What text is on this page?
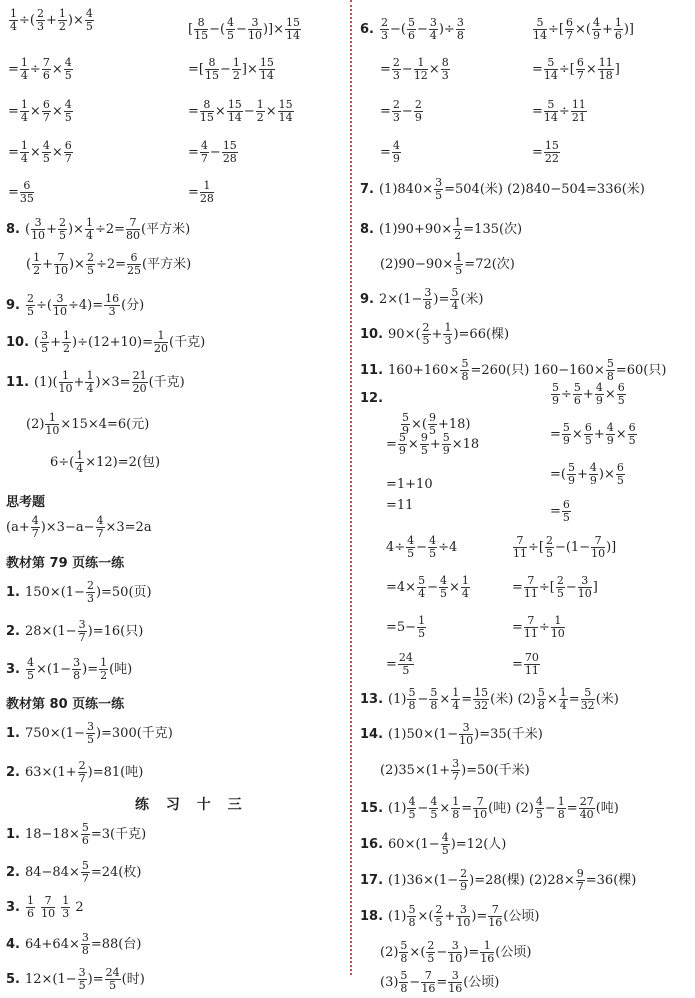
$\frac{1}{4}$ ÷( $\frac{2}{3} + \frac{1}{2}$ )× $\frac{4}{5}$
= $\frac{1}{4} \div \frac{7}{6} \times \frac{4}{5}$
= $\frac{1}{4} \times \frac{6}{7} \times \frac{4}{5}$
= $\frac{1}{4} \times \frac{4}{5} \times \frac{6}{7}$
= $\frac{6}{35}$
8. ( $\frac{3}{10} + \frac{2}{5}$ )× $\frac{1}{4} \div 2= \frac{7}{80}$ (平方米)
( $\frac{1}{2} + \frac{7}{10}$ )× $\frac{2}{5} \div 2= \frac{6}{25}$ (平方米)
9. $\frac{2}{5}$ ÷( $\frac{3}{10} \div 4)= \frac{16}{3}$ (分)
10. ( $\frac{3}{5} + \frac{1}{2} )\div(12+10)= \frac{1}{20}$ (千克)
11. $(1)( \frac{1}{10} + \frac{1}{4} )\times 3= \frac{21}{20}$ (千克)
$(2) \frac{1}{10} \times 15\times 4=6$(元)
$6\div( \frac{1}{4} \times 12)=2$(包)
思考题
$(a+ \frac{4}{7} )\times 3-a- \frac{4}{7} \times 3=2a$
教材第 79 页练一练
1. $150\times(1- \frac{2}{3} )=50$(页)
2. $28\times(1- \frac{3}{7} )=16$(只)
3. $\frac{4}{5} \times(1- \frac{3}{8}$ )= $\frac{1}{2}$ (吨)
教材第 80 页练一练
1. $750\times(1- \frac{3}{5} )=300$(千克)
2. $63\times(1+ \frac{2}{7} )=81$(吨)
练 习 十 三
1. $18-18\times \frac{5}{6} =3$(千克)
2. $84-84\times \frac{5}{7} =24$(枚)
3. $\frac{1}{6}$
$\frac{7}{10}$
$\frac{1}{3} 2$
4. $64+64\times \frac{3}{8} =88$(台)
5. $12\times(1- \frac{3}{5}$ )= $\frac{24}{5}$ (时)
[ $\frac{8}{15}$ −( $\frac{4}{5} - \frac{3}{10}$ )]× $\frac{15}{14}$
=[ $\frac{8}{15} - \frac{1}{2}$ ]× $\frac{15}{14}$
= $\frac{8}{15} \times \frac{15}{14} - \frac{1}{2} \times \frac{15}{14}$
= $\frac{4}{7} - \frac{15}{28}$
= $\frac{1}{28}$
6. $\frac{2}{3}$ −( $\frac{5}{6} - \frac{3}{4}$ )÷ $\frac{3}{8}$
= $\frac{2}{3} - \frac{1}{12} \times \frac{8}{3}$
= $\frac{2}{3} - \frac{2}{9}$
= $\frac{4}{9}$
7. $(1)840\times \frac{3}{5} =504$(米) (2)840−504=336(米)
8. $(1)90+90\times \frac{1}{2} =135$(次)
$(2)90-90\times \frac{1}{5} =72$(次)
9. $2\times(1- \frac{3}{8}$ )= $\frac{5}{4}$ (米)
10. $90\times( \frac{2}{5} + \frac{1}{3} )=66$(棵)
11. $160+160\times \frac{5}{8} =260$(只) $160-160\times \frac{5}{8} =60$(只)
12.
$\frac{5}{9}$ ×( $\frac{9}{5} +18$)
= $\frac{5}{9} \times \frac{9}{5} + \frac{5}{9} \times 18$
=1+10
=11
$4\div \frac{4}{5} - \frac{4}{5} \div 4$
$=4\times \frac{5}{4} - \frac{4}{5} \times \frac{1}{4}$
$=5- \frac{1}{5}$
= $\frac{24}{5}$
13. $(1) \frac{5}{8} - \frac{5}{8} \times \frac{1}{4} = \frac{15}{32}$ (米) $(2) \frac{5}{8} \times \frac{1}{4} = \frac{5}{32}$ (米)
14. $(1)50\times(1- \frac{3}{10} )=35$(千米)
$(2)35\times(1+ \frac{3}{7} )=50$(千米)
15. $(1) \frac{4}{5} - \frac{4}{5} \times \frac{1}{8} = \frac{7}{10}$ (吨) $(2) \frac{4}{5} - \frac{1}{8} = \frac{27}{40}$ (吨)
16. $60\times(1- \frac{4}{5} )=12$(人)
17. $(1)36\times(1- \frac{2}{9} )=28$(棵) $(2)28\times \frac{9}{7} =36$(棵)
18. $(1) \frac{5}{8}$ ×( $\frac{2}{5} + \frac{3}{10}$ )= $\frac{7}{16}$ (公顷)
$(2) \frac{5}{8}$ ×( $\frac{2}{5} - \frac{3}{10}$ )= $\frac{1}{16}$ (公顷)
$(3) \frac{5}{8} - \frac{7}{16} = \frac{3}{16}$ (公顷)
$\frac{5}{14}$ ÷[ $\frac{6}{7}$ ×( $\frac{4}{9} + \frac{1}{6}$ )]
= $\frac{5}{14}$ ÷[ $\frac{6}{7} \times \frac{11}{18}$ ]
= $\frac{5}{14} \div \frac{11}{21}$
= $\frac{15}{22}$
$\frac{5}{9} \div \frac{5}{6} + \frac{4}{9} \times \frac{6}{5}$
= $\frac{5}{9} \times \frac{6}{5} + \frac{4}{9} \times \frac{6}{5}$
=( $\frac{5}{9} + \frac{4}{9}$ )× $\frac{6}{5}$
= $\frac{6}{5}$
$\frac{7}{11}$ ÷[ $\frac{2}{5} -(1- \frac{7}{10}$ )]
= $\frac{7}{11}$ ÷[ $\frac{2}{5} - \frac{3}{10}$ ]
= $\frac{7}{11} \div \frac{1}{10}$
= $\frac{70}{11}$
